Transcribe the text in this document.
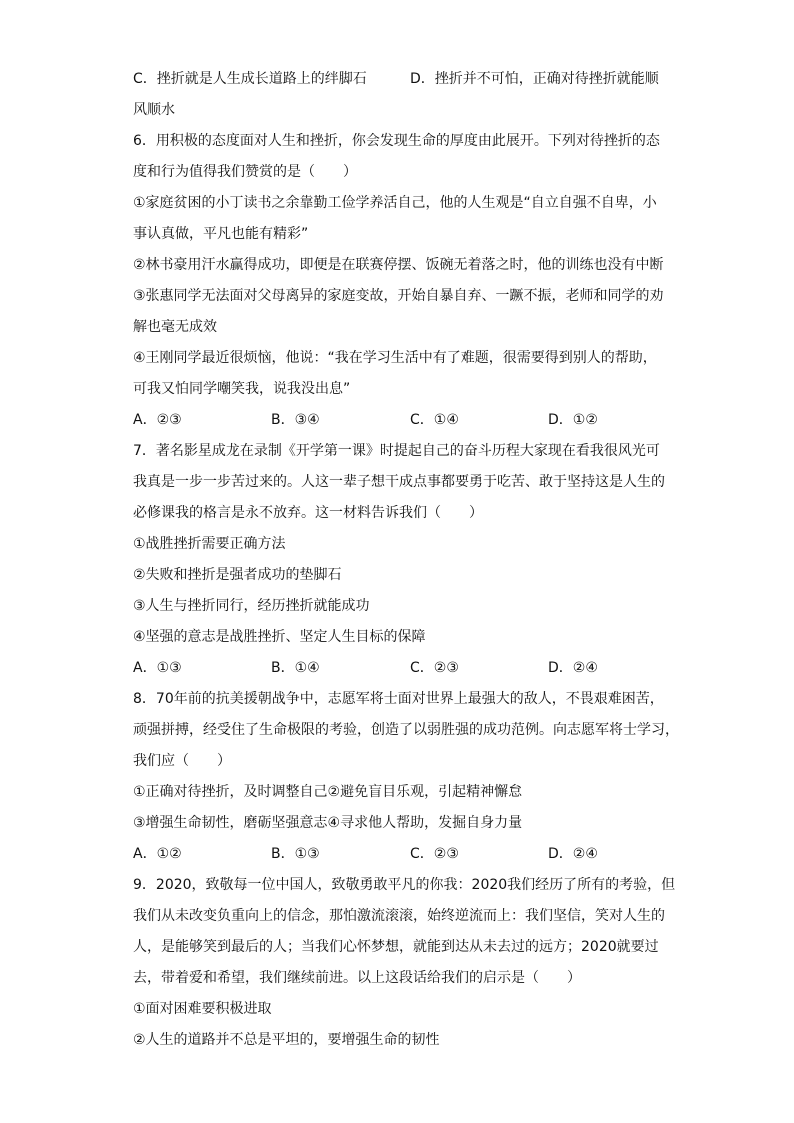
C．挫折就是人生成长道路上的绊脚石	D．挫折并不可怕，正确对待挫折就能顺
风顺水
6．用积极的态度面对人生和挫折，你会发现生命的厚度由此展开。下列对待挫折的态
度和行为值得我们赞赏的是（　　）
①家庭贫困的小丁读书之余靠勤工俭学养活自己，他的人生观是“自立自强不自卑，小
事认真做，平凡也能有精彩”
②林书豪用汗水赢得成功，即便是在联赛停摆、饭碗无着落之时，他的训练也没有中断
③张惠同学无法面对父母离异的家庭变故，开始自暴自弃、一蹶不振，老师和同学的劝
解也毫无成效
④王刚同学最近很烦恼，他说：“我在学习生活中有了难题，很需要得到别人的帮助，
可我又怕同学嘲笑我，说我没出息”
A．②③	B．③④	C．①④	D．①②
7．著名影星成龙在录制《开学第一课》时提起自己的奋斗历程大家现在看我很风光可
我真是一步一步苦过来的。人这一辈子想干成点事都要勇于吃苦、敢于坚持这是人生的
必修课我的格言是永不放弃。这一材料告诉我们（　　）
①战胜挫折需要正确方法
②失败和挫折是强者成功的垫脚石
③人生与挫折同行，经历挫折就能成功
④坚强的意志是战胜挫折、坚定人生目标的保障
A．①③	B．①④	C．②③	D．②④
8．70年前的抗美援朝战争中，志愿军将士面对世界上最强大的敌人，不畏艰难困苦，
顽强拼搏，经受住了生命极限的考验，创造了以弱胜强的成功范例。向志愿军将士学习，
我们应（　　）
①正确对待挫折，及时调整自己②避免盲目乐观，引起精神懈怠
③增强生命韧性，磨砺坚强意志④寻求他人帮助，发掘自身力量
A．①②	B．①③	C．②③	D．②④
9．2020，致敬每一位中国人，致敬勇敢平凡的你我：2020我们经历了所有的考验，但
我们从未改变负重向上的信念，那怕激流滚滚，始终逆流而上：我们坚信，笑对人生的
人，是能够笑到最后的人；当我们心怀梦想，就能到达从未去过的远方；2020就要过
去，带着爱和希望，我们继续前进。以上这段话给我们的启示是（　　）
①面对困难要积极进取
②人生的道路并不总是平坦的，要增强生命的韧性
